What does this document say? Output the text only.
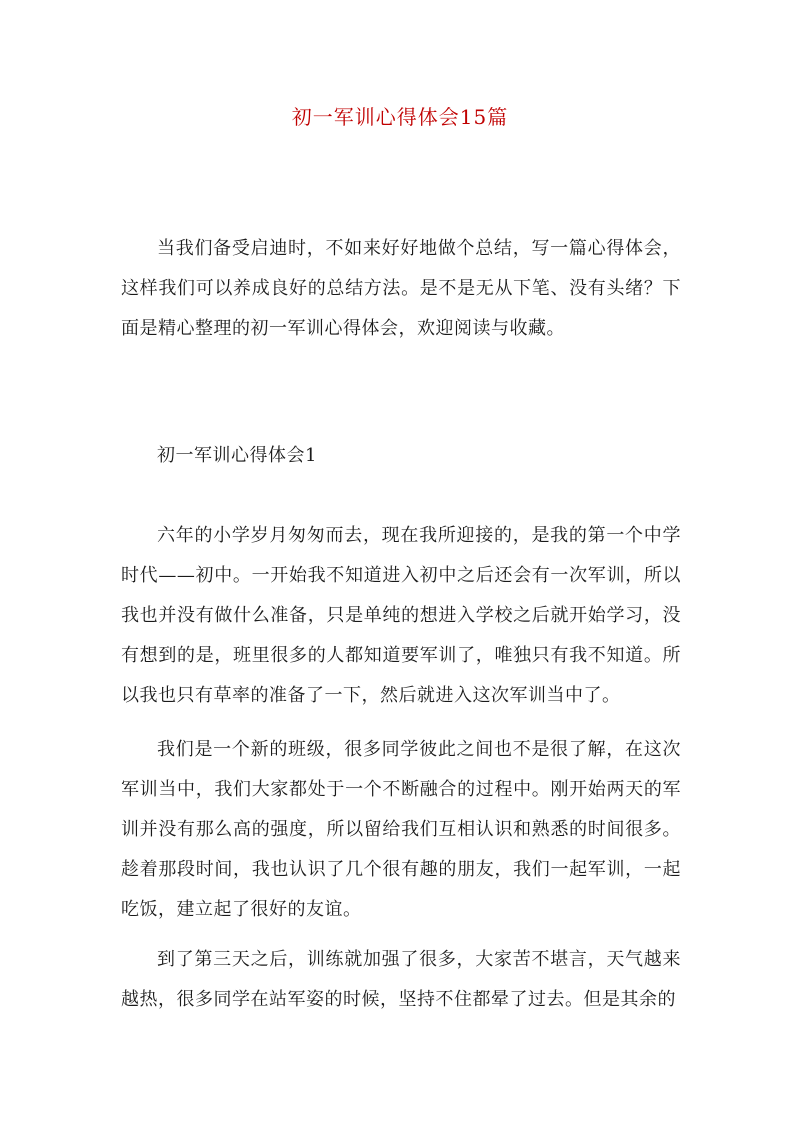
初一军训心得体会15篇
当我们备受启迪时，不如来好好地做个总结，写一篇心得体会，这样我们可以养成良好的总结方法。是不是无从下笔、没有头绪？下面是精心整理的初一军训心得体会，欢迎阅读与收藏。
初一军训心得体会1
六年的小学岁月匆匆而去，现在我所迎接的，是我的第一个中学时代——初中。一开始我不知道进入初中之后还会有一次军训，所以我也并没有做什么准备，只是单纯的想进入学校之后就开始学习，没有想到的是，班里很多的人都知道要军训了，唯独只有我不知道。所以我也只有草率的准备了一下，然后就进入这次军训当中了。
我们是一个新的班级，很多同学彼此之间也不是很了解，在这次军训当中，我们大家都处于一个不断融合的过程中。刚开始两天的军训并没有那么高的强度，所以留给我们互相认识和熟悉的时间很多。趁着那段时间，我也认识了几个很有趣的朋友，我们一起军训，一起吃饭，建立起了很好的友谊。
到了第三天之后，训练就加强了很多，大家苦不堪言，天气越来越热，很多同学在站军姿的时候，坚持不住都晕了过去。但是其余的
